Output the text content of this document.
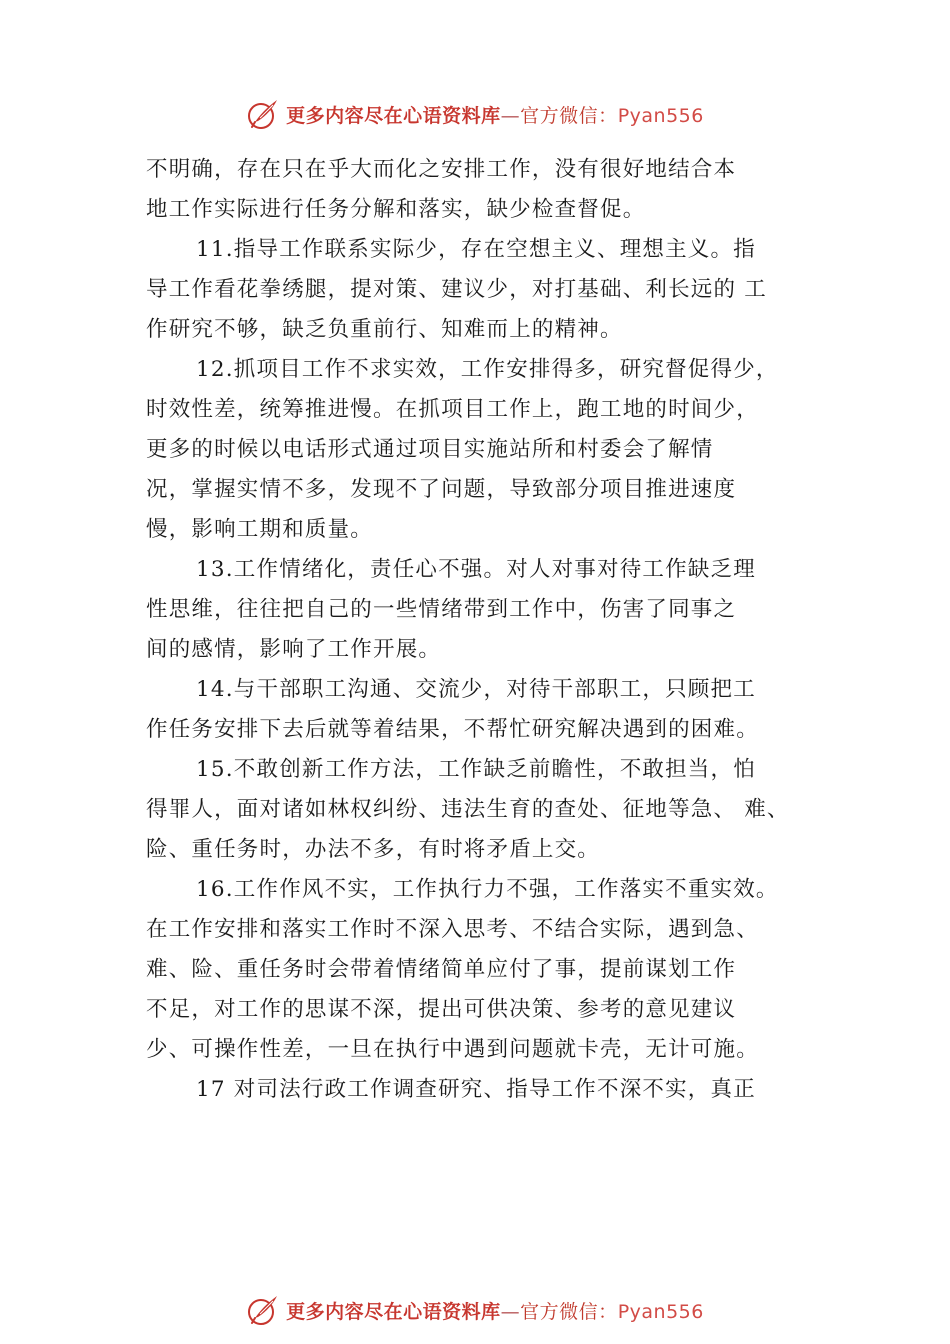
更多内容尽在心语资料库—官方微信：Pyan556
不明确，存在只在乎大而化之安排工作，没有很好地结合本
地工作实际进行任务分解和落实，缺少检查督促。
11.指导工作联系实际少，存在空想主义、理想主义。指
导工作看花拳绣腿，提对策、建议少，对打基础、利长远的 工
作研究不够，缺乏负重前行、知难而上的精神。
12.抓项目工作不求实效，工作安排得多，研究督促得少，
时效性差，统筹推进慢。在抓项目工作上，跑工地的时间少，
更多的时候以电话形式通过项目实施站所和村委会了解情
况，掌握实情不多，发现不了问题，导致部分项目推进速度
慢，影响工期和质量。
13.工作情绪化，责任心不强。对人对事对待工作缺乏理
性思维，往往把自己的一些情绪带到工作中，伤害了同事之
间的感情，影响了工作开展。
14.与干部职工沟通、交流少，对待干部职工，只顾把工
作任务安排下去后就等着结果，不帮忙研究解决遇到的困难。
15.不敢创新工作方法，工作缺乏前瞻性，不敢担当，怕
得罪人，面对诸如林权纠纷、违法生育的查处、征地等急、 难、
险、重任务时，办法不多，有时将矛盾上交。
16.工作作风不实，工作执行力不强，工作落实不重实效。
在工作安排和落实工作时不深入思考、不结合实际，遇到急、
难、险、重任务时会带着情绪简单应付了事，提前谋划工作
不足，对工作的思谋不深，提出可供决策、参考的意见建议
少、可操作性差，一旦在执行中遇到问题就卡壳，无计可施。
17 对司法行政工作调查研究、指导工作不深不实，真正
更多内容尽在心语资料库—官方微信：Pyan556
